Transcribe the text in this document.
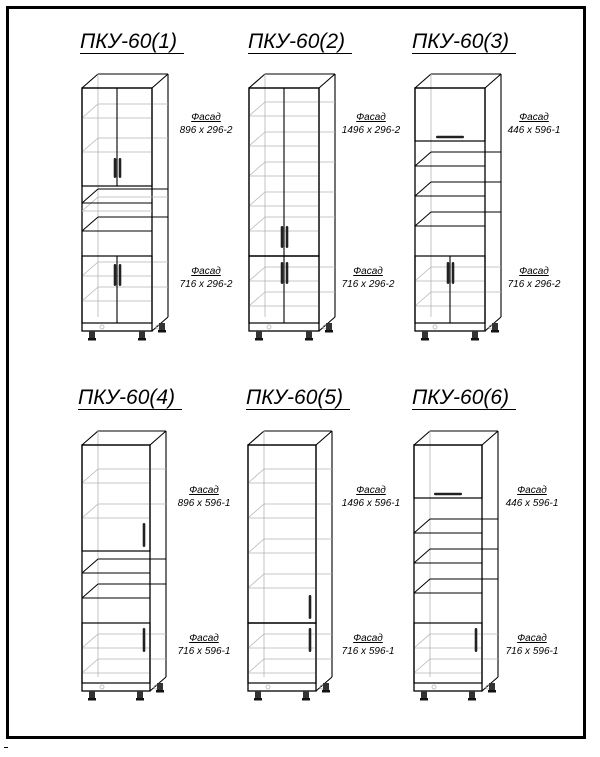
ПКУ-60(1)
Фасад
896 x 296-2
Фасад
716 x 296-2
ПКУ-60(2)
Фасад
1496 x 296-2
Фасад
716 x 296-2
ПКУ-60(3)
Фасад
446 x 596-1
Фасад
716 x 296-2
ПКУ-60(4)
Фасад
896 x 596-1
Фасад
716 x 596-1
ПКУ-60(5)
Фасад
1496 x 596-1
Фасад
716 x 596-1
ПКУ-60(6)
Фасад
446 x 596-1
Фасад
716 x 596-1
